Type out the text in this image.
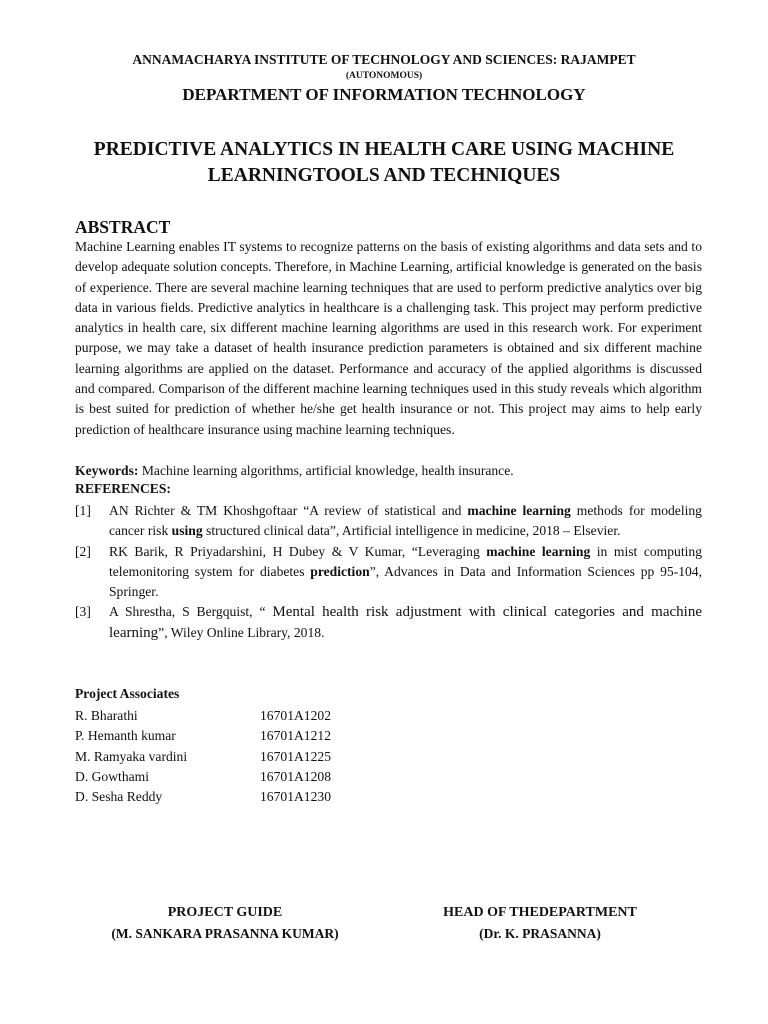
ANNAMACHARYA INSTITUTE OF TECHNOLOGY AND SCIENCES: RAJAMPET
(AUTONOMOUS)
DEPARTMENT OF INFORMATION TECHNOLOGY
PREDICTIVE ANALYTICS IN HEALTH CARE USING MACHINE
LEARNINGTOOLS AND TECHNIQUES
ABSTRACT
Machine Learning enables IT systems to recognize patterns on the basis of existing algorithms and data sets and to develop adequate solution concepts. Therefore, in Machine Learning, artificial knowledge is generated on the basis of experience. There are several machine learning techniques that are used to perform predictive analytics over big data in various fields. Predictive analytics in healthcare is a challenging task. This project may perform predictive analytics in health care, six different machine learning algorithms are used in this research work. For experiment purpose, we may take a dataset of health insurance prediction parameters is obtained and six different machine learning algorithms are applied on the dataset. Performance and accuracy of the applied algorithms is discussed and compared. Comparison of the different machine learning techniques used in this study reveals which algorithm is best suited for prediction of whether he/she get health insurance or not. This project may aims to help early prediction of healthcare insurance using machine learning techniques.
Keywords: Machine learning algorithms, artificial knowledge, health insurance.
REFERENCES:
[1]	AN Richter & TM Khoshgoftaar “A review of statistical and machine learning methods for modeling cancer risk using structured clinical data”, Artificial intelligence in medicine, 2018 – Elsevier.
[2]	RK Barik, R Priyadarshini, H Dubey & V Kumar, “Leveraging machine learning in mist computing telemonitoring system for diabetes prediction”, Advances in Data and Information Sciences pp 95-104, Springer.
[3]	A Shrestha, S Bergquist, “ Mental health risk adjustment with clinical categories and machine learning”, Wiley Online Library, 2018.
Project Associates
R. Bharathi	16701A1202
P. Hemanth kumar	16701A1212
M. Ramyaka vardini	16701A1225
D. Gowthami	16701A1208
D. Sesha Reddy	16701A1230
PROJECT GUIDE
(M. SANKARA PRASANNA KUMAR)
HEAD OF THEDEPARTMENT
(Dr. K. PRASANNA)
